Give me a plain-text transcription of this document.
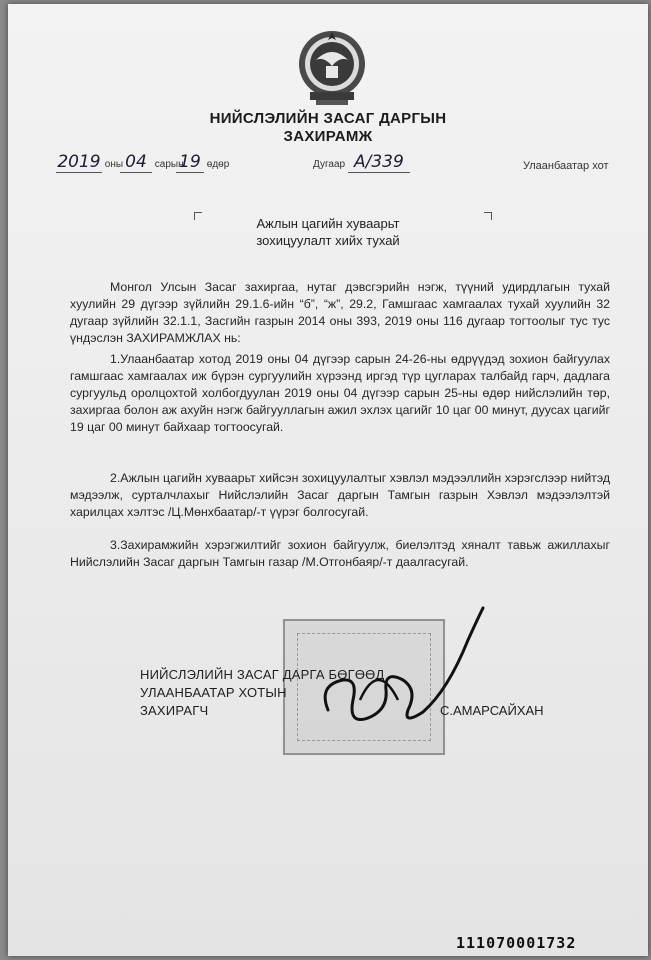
НИЙСЛЭЛИЙН ЗАСАГ ДАРГЫН
ЗАХИРАМЖ
2019 оны 04 сарын
19 өдөр	Дугаар А/339	Улаанбаатар хот
Ажлын цагийн хуваарьт
зохицуулалт хийх тухай
Монгол Улсын Засаг захиргаа, нутаг дэвсгэрийн нэгж, түүний удирдлагын тухай хуулийн 29 дүгээр зүйлийн 29.1.6-ийн “б”, “ж”, 29.2, Гамшгаас хамгаалах тухай хуулийн 32 дугаар зүйлийн 32.1.1, Засгийн газрын 2014 оны 393, 2019 оны 116 дугаар тогтоолыг тус тус үндэслэн ЗАХИРАМЖЛАХ нь:
1.Улаанбаатар хотод 2019 оны 04 дүгээр сарын 24-26-ны өдрүүдэд зохион байгуулах гамшгаас хамгаалах иж бүрэн сургуулийн хүрээнд иргэд түр цугларах талбайд гарч, дадлага сургуульд оролцохтой холбогдуулан 2019 оны 04 дүгээр сарын 25-ны өдөр нийслэлийн төр, захиргаа болон аж ахуйн нэгж байгууллагын ажил эхлэх цагийг 10 цаг 00 минут, дуусах цагийг 19 цаг 00 минут байхаар тогтоосугай.
2.Ажлын цагийн хуваарьт хийсэн зохицуулалтыг хэвлэл мэдээллийн хэрэгслээр нийтэд мэдээлж, сурталчлахыг Нийслэлийн Засаг даргын Тамгын газрын Хэвлэл мэдээлэлтэй харилцах хэлтэс /Ц.Мөнхбаатар/-т үүрэг болгосугай.
3.Захирамжийн хэрэгжилтийг зохион байгуулж, биелэлтэд хяналт тавьж ажиллахыг Нийслэлийн Засаг даргын Тамгын газар /М.Отгонбаяр/-т даалгасугай.
НИЙСЛЭЛИЙН ЗАСАГ ДАРГА БӨГӨӨД
УЛААНБААТАР ХОТЫН
ЗАХИРАГЧ	С.АМАРСАЙХАН
111070001732
